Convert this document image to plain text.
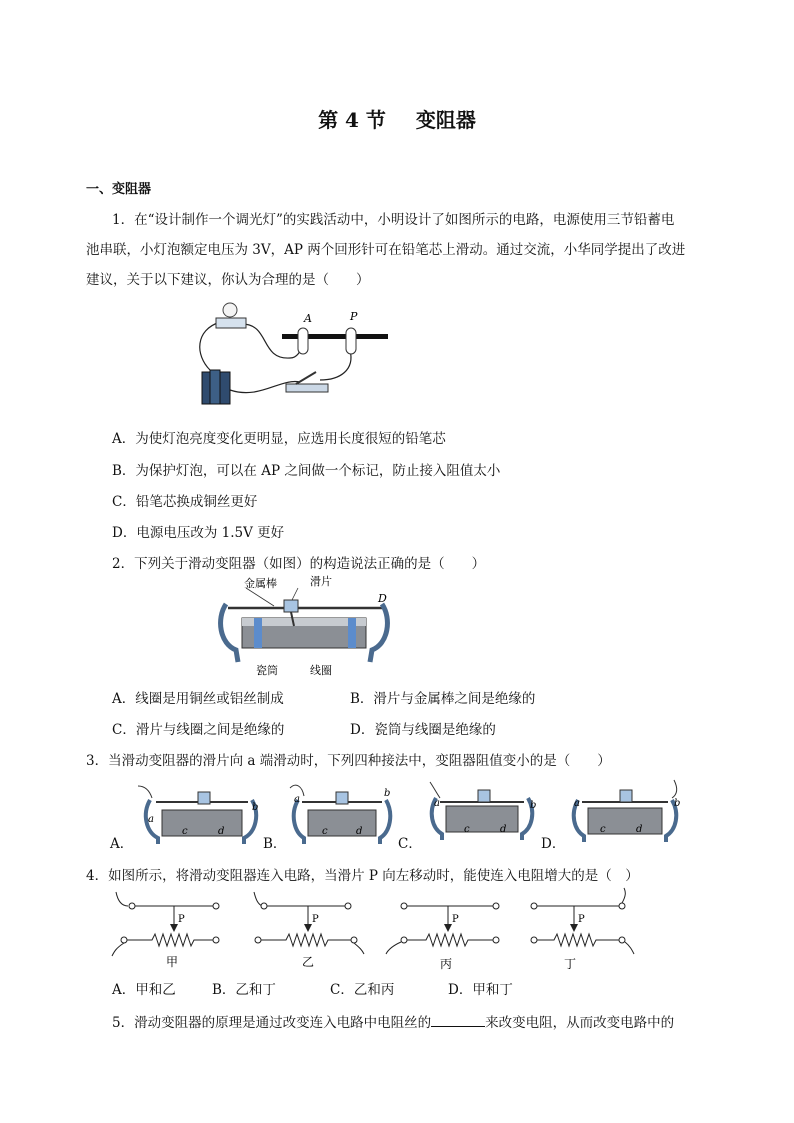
第 4 节 变阻器
一、变阻器
1．在“设计制作一个调光灯”的实践活动中，小明设计了如图所示的电路，电源使用三节铅蓄电
池串联，小灯泡额定电压为 3V，AP 两个回形针可在铅笔芯上滑动。通过交流，小华同学提出了改进
建议，关于以下建议，你认为合理的是（　　）
A	P
A．为使灯泡亮度变化更明显，应选用长度很短的铅笔芯
B．为保护灯泡，可以在 AP 之间做一个标记，防止接入阻值太小
C．铅笔芯换成铜丝更好
D．电源电压改为 1.5V 更好
2．下列关于滑动变阻器（如图）的构造说法正确的是（　　）
金属棒	滑片
D
瓷筒	线圈
A．线圈是用铜丝或铝丝制成	B．滑片与金属棒之间是绝缘的
C．滑片与线圈之间是绝缘的	D．瓷筒与线圈是绝缘的
3．当滑动变阻器的滑片向 a 端滑动时，下列四种接法中，变阻器阻值变小的是（　　）
A．	B．	C．	D．
a
b
c	d
a
b
c	d
a	b
c	d
a	b
c	d
4．如图所示，将滑动变阻器连入电路，当滑片 P 向左移动时，能使连入电阻增大的是（　）
P
甲
P
乙
P
丙
P
丁
A．甲和乙	B．乙和丁	C．乙和丙	D．甲和丁
5．滑动变阻器的原理是通过改变连入电路中电阻丝的	来改变电阻，从而改变电路中的
